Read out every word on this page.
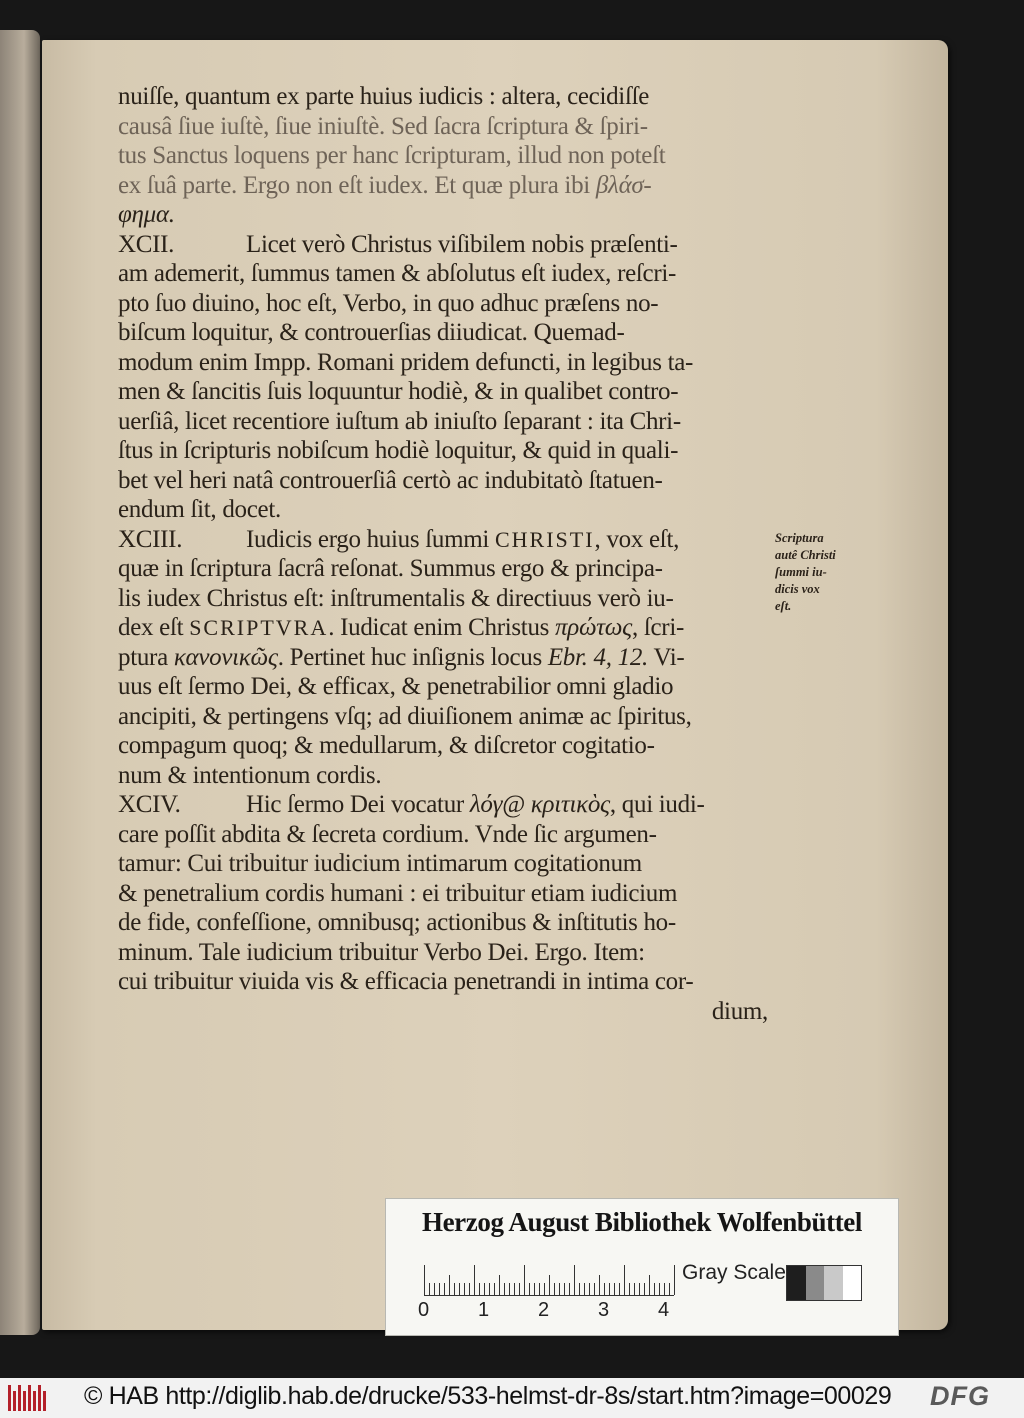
nuiſſe, quantum ex parte huius iudicis : altera, cecidiſſe
causâ ſiue iuſtè, ſiue iniuſtè. Sed ſacra ſcriptura & ſpiri-
tus Sanctus loquens per hanc ſcripturam, illud non poteſt
ex ſuâ parte. Ergo non eſt iudex. Et quæ plura ibi βλάσ-
φημα.
XCII.	Licet verò Christus viſibilem nobis præſenti-
am ademerit, ſummus tamen & abſolutus eſt iudex, reſcri-
pto ſuo diuino, hoc eſt, Verbo, in quo adhuc præſens no-
biſcum loquitur, & controuerſias diiudicat. Quemad-
modum enim Impp. Romani pridem defuncti, in legibus ta-
men & ſancitis ſuis loquuntur hodiè, & in qualibet contro-
uerſiâ, licet recentiore iuſtum ab iniuſto ſeparant : ita Chri-
ſtus in ſcripturis nobiſcum hodiè loquitur, & quid in quali-
bet vel heri natâ controuerſiâ certò ac indubitatò ſtatuen-
endum ſit, docet.
XCIII.	Iudicis ergo huius ſummi CHRISTI, vox eſt,
quæ in ſcriptura ſacrâ reſonat. Summus ergo & principa-
lis iudex Christus eſt: inſtrumentalis & directiuus verò iu-
dex eſt SCRIPTVRA. Iudicat enim Christus πρώτως, ſcri-
ptura κανονικῶς. Pertinet huc inſignis locus Ebr. 4, 12. Vi-
uus eſt ſermo Dei, & efficax, & penetrabilior omni gladio
ancipiti, & pertingens vſq; ad diuiſionem animæ ac ſpiritus,
compagum quoq; & medullarum, & diſcretor cogitatio-
num & intentionum cordis.
XCIV.	Hic ſermo Dei vocatur λόγ@ κριτικὸς, qui iudi-
care poſſit abdita & ſecreta cordium. Vnde ſic argumen-
tamur: Cui tribuitur iudicium intimarum cogitationum
& penetralium cordis humani : ei tribuitur etiam iudicium
de fide, confeſſione, omnibusq; actionibus & inſtitutis ho-
minum. Tale iudicium tribuitur Verbo Dei. Ergo. Item:
cui tribuitur viuida vis & efficacia penetrandi in intima cor-
dium,
Scriptura
autê Christi
ſummi iu-
dicis vox
eſt.
Herzog August Bibliothek Wolfenbüttel
0 1 2 3 4
Gray Scale
© HAB http://diglib.hab.de/drucke/533-helmst-dr-8s/start.htm?image=00029 DFG
